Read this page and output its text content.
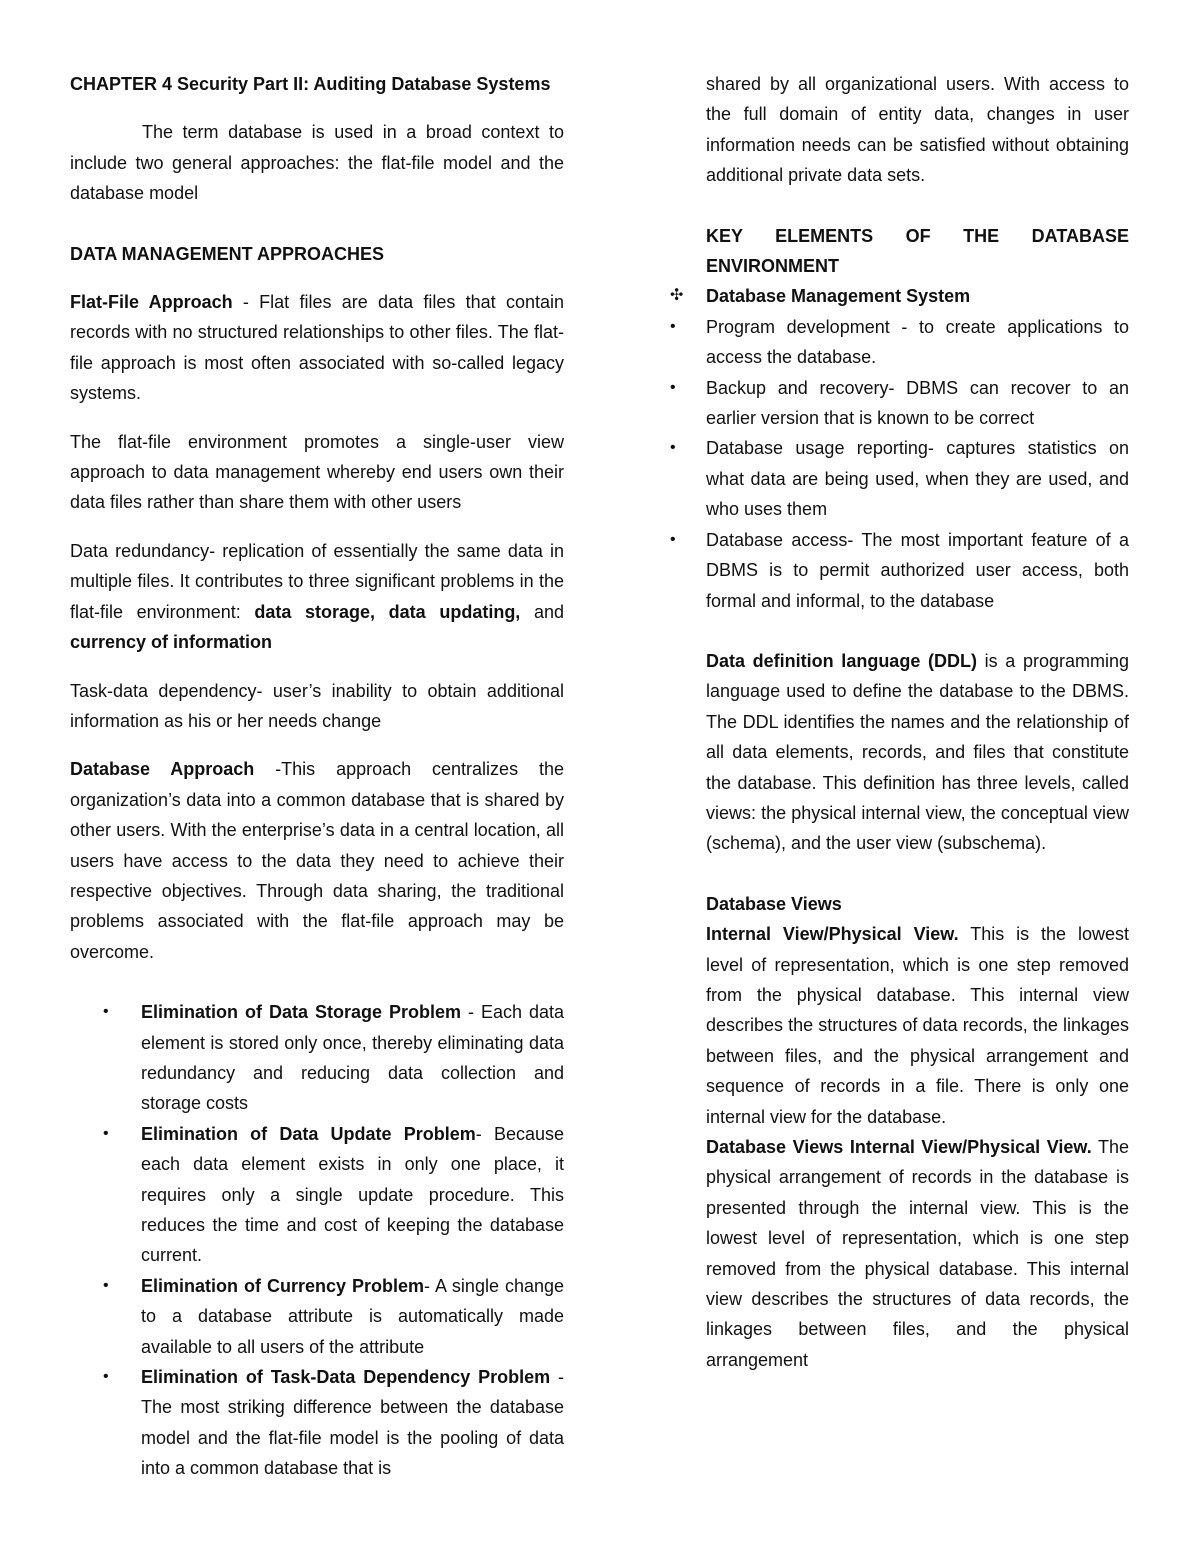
CHAPTER 4 Security Part II: Auditing Database Systems

The term database is used in a broad context to include two general approaches: the flat-file model and the database model

DATA MANAGEMENT APPROACHES

Flat-File Approach - Flat files are data files that contain records with no structured relationships to other files. The flat-file approach is most often associated with so-called legacy systems.

The flat-file environment promotes a single-user view approach to data management whereby end users own their data files rather than share them with other users

Data redundancy- replication of essentially the same data in multiple files. It contributes to three significant problems in the flat-file environment: data storage, data updating, and currency of information

Task-data dependency- user’s inability to obtain additional information as his or her needs change

Database Approach -This approach centralizes the organization’s data into a common database that is shared by other users. With the enterprise’s data in a central location, all users have access to the data they need to achieve their respective objectives. Through data sharing, the traditional problems associated with the flat-file approach may be overcome.

• Elimination of Data Storage Problem - Each data element is stored only once, thereby eliminating data redundancy and reducing data collection and storage costs
• Elimination of Data Update Problem- Because each data element exists in only one place, it requires only a single update procedure. This reduces the time and cost of keeping the database current.
• Elimination of Currency Problem- A single change to a database attribute is automatically made available to all users of the attribute
• Elimination of Task-Data Dependency Problem -The most striking difference between the database model and the flat-file model is the pooling of data into a common database that is

shared by all organizational users. With access to the full domain of entity data, changes in user information needs can be satisfied without obtaining additional private data sets.

KEY ELEMENTS OF THE DATABASE

ENVIRONMENT

✣ Database Management System

• Program development - to create applications to access the database.
• Backup and recovery- DBMS can recover to an earlier version that is known to be correct
• Database usage reporting- captures statistics on what data are being used, when they are used, and who uses them
• Database access- The most important feature of a DBMS is to permit authorized user access, both formal and informal, to the database

Data definition language (DDL) is a programming language used to define the database to the DBMS. The DDL identifies the names and the relationship of all data elements, records, and files that constitute the database. This definition has three levels, called views: the physical internal view, the conceptual view (schema), and the user view (subschema).

Database Views

Internal View/Physical View. This is the lowest level of representation, which is one step removed from the physical database. This internal view describes the structures of data records, the linkages between files, and the physical arrangement and sequence of records in a file. There is only one internal view for the database.

Database Views Internal View/Physical View. The physical arrangement of records in the database is presented through the internal view. This is the lowest level of representation, which is one step removed from the physical database. This internal view describes the structures of data records, the linkages between files, and the physical arrangement
